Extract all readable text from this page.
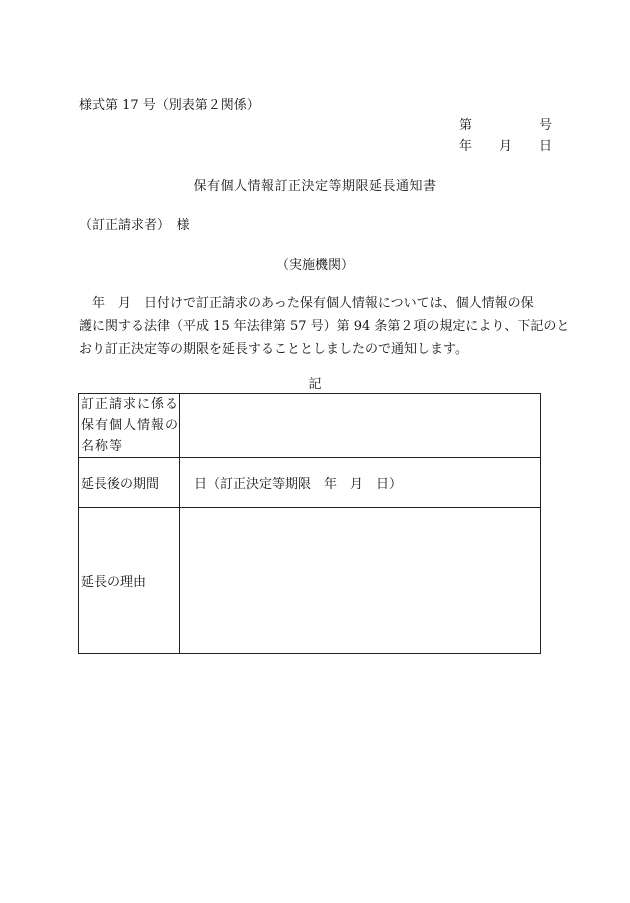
様式第 17 号（別表第２関係）
第	号
年 月 日
保有個人情報訂正決定等期限延長通知書
（訂正請求者）　様
（実施機関）
　年　月　日付けで訂正請求のあった保有個人情報については、個人情報の保
護に関する法律（平成 15 年法律第 57 号）第 94 条第２項の規定により、下記のと
おり訂正決定等の期限を延長することとしましたので通知します。
記
訂正請求に係る
保有個人情報の
名称等	

延長後の期間	日（訂正決定等期限　年　月　日）
延長の理由	
